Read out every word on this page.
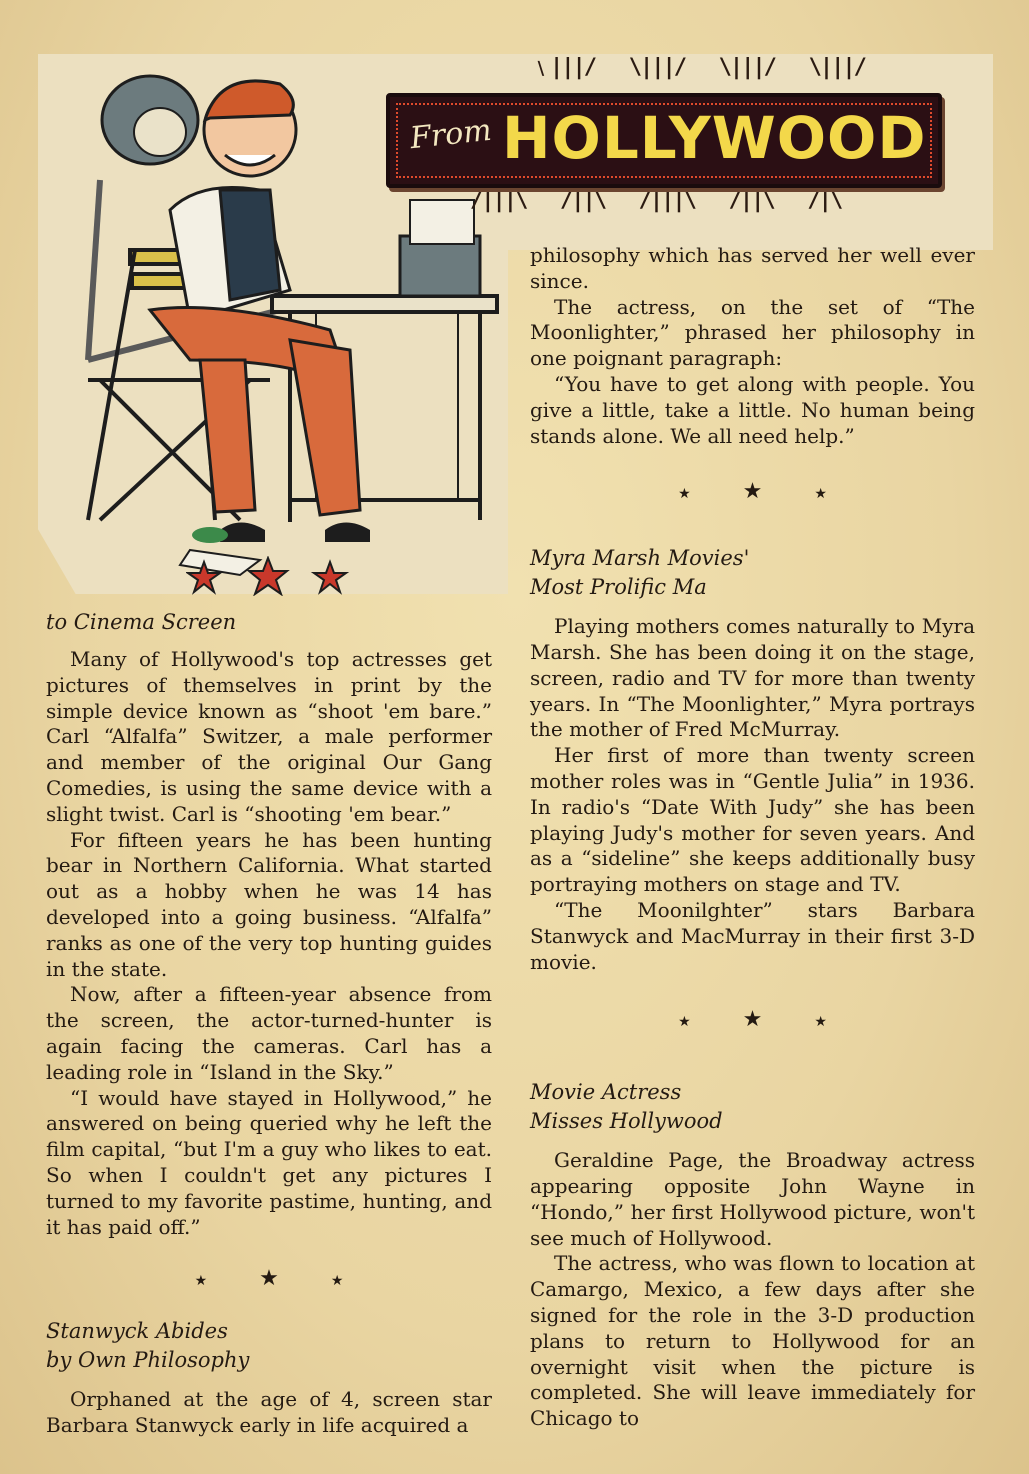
﹨|||/   \|||/   \|||/   \|||/
/|||\   /||\   /|||\   /||\   /|\
From HOLLYWOOD
to Cinema Screen

Many of Hollywood's top actresses get pictures of themselves in print by the simple device known as “shoot 'em bare.” Carl “Alfalfa” Switzer, a male performer and member of the original Our Gang Comedies, is using the same device with a slight twist. Carl is “shooting 'em bear.”

For fifteen years he has been hunting bear in Northern California. What started out as a hobby when he was 14 has developed into a going business. “Alfalfa” ranks as one of the very top hunting guides in the state.

Now, after a fifteen-year absence from the screen, the actor-turned-hunter is again facing the cameras. Carl has a leading role in “Island in the Sky.”

“I would have stayed in Hollywood,” he answered on being queried why he left the film capital, “but I'm a guy who likes to eat. So when I couldn't get any pictures I turned to my favorite pastime, hunting, and it has paid off.”

★ ★	★
Stanwyck Abides
by Own Philosophy

Orphaned at the age of 4, screen star Barbara Stanwyck early in life acquired a

philosophy which has served her well ever since.

The actress, on the set of “The Moonlighter,” phrased her philosophy in one poignant paragraph:

“You have to get along with people. You give a little, take a little. No human being stands alone. We all need help.”

★ ★	★
Myra Marsh Movies'
Most Prolific Ma

Playing mothers comes naturally to Myra Marsh. She has been doing it on the stage, screen, radio and TV for more than twenty years. In “The Moonlighter,” Myra portrays the mother of Fred McMurray.

Her first of more than twenty screen mother roles was in “Gentle Julia” in 1936. In radio's “Date With Judy” she has been playing Judy's mother for seven years. And as a “sideline” she keeps additionally busy portraying mothers on stage and TV.

“The Moonilghter” stars Barbara Stanwyck and MacMurray in their first 3-D movie.

★ ★	★
Movie Actress
Misses Hollywood

Geraldine Page, the Broadway actress appearing opposite John Wayne in “Hondo,” her first Hollywood picture, won't see much of Hollywood.

The actress, who was flown to location at Camargo, Mexico, a few days after she signed for the role in the 3-D production plans to return to Hollywood for an overnight visit when the picture is completed. She will leave immediately for Chicago to
